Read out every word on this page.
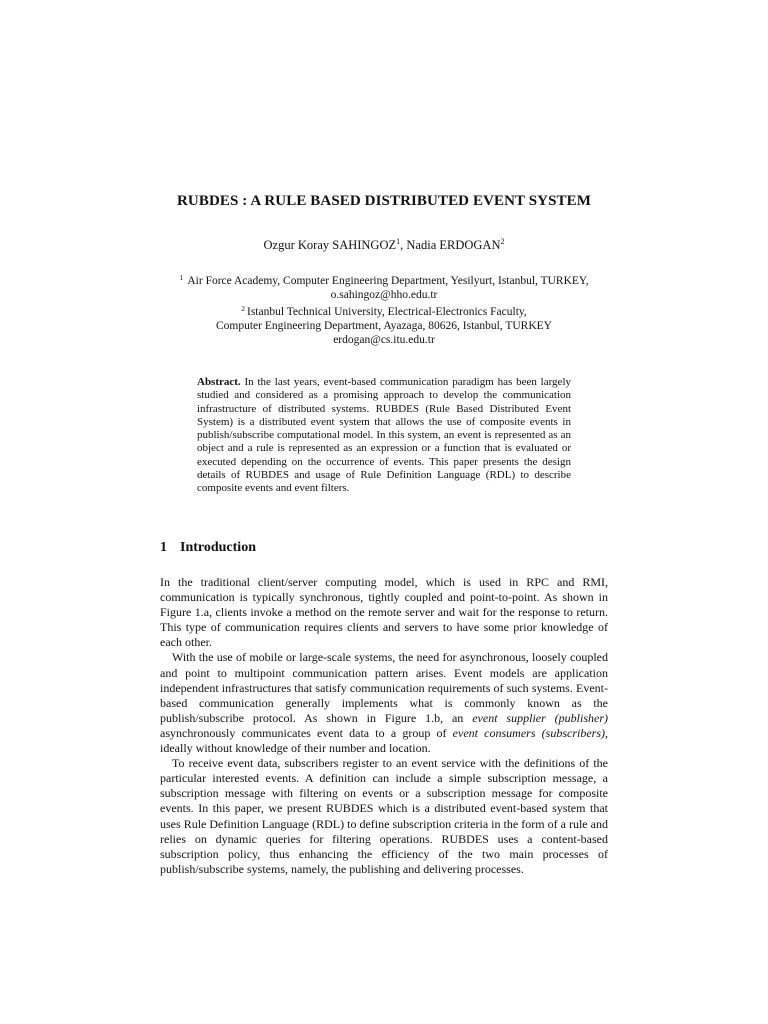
RUBDES : A RULE BASED DISTRIBUTED EVENT SYSTEM
Ozgur Koray SAHINGOZ$^1$, Nadia ERDOGAN$^2$
$^1$ Air Force Academy, Computer Engineering Department, Yesilyurt, Istanbul, TURKEY,
o.sahingoz@hho.edu.tr
$^2$ Istanbul Technical University, Electrical-Electronics Faculty,
Computer Engineering Department, Ayazaga, 80626, Istanbul, TURKEY
erdogan@cs.itu.edu.tr
Abstract. In the last years, event-based communication paradigm has been largely studied and considered as a promising approach to develop the communication infrastructure of distributed systems. RUBDES (Rule Based Distributed Event System) is a distributed event system that allows the use of composite events in publish/subscribe computational model. In this system, an event is represented as an object and a rule is represented as an expression or a function that is evaluated or executed depending on the occurrence of events. This paper presents the design details of RUBDES and usage of Rule Definition Language (RDL) to describe composite events and event filters.
1 Introduction

In the traditional client/server computing model, which is used in RPC and RMI, communication is typically synchronous, tightly coupled and point-to-point. As shown in Figure 1.a, clients invoke a method on the remote server and wait for the response to return. This type of communication requires clients and servers to have some prior knowledge of each other.

With the use of mobile or large-scale systems, the need for asynchronous, loosely coupled and point to multipoint communication pattern arises. Event models are application independent infrastructures that satisfy communication requirements of such systems. Event-based communication generally implements what is commonly known as the publish/subscribe protocol. As shown in Figure 1.b, an event supplier (publisher) asynchronously communicates event data to a group of event consumers (subscribers), ideally without knowledge of their number and location.

To receive event data, subscribers register to an event service with the definitions of the particular interested events. A definition can include a simple subscription message, a subscription message with filtering on events or a subscription message for composite events. In this paper, we present RUBDES which is a distributed event-based system that uses Rule Definition Language (RDL) to define subscription criteria in the form of a rule and relies on dynamic queries for filtering operations. RUBDES uses a content-based subscription policy, thus enhancing the efficiency of the two main processes of publish/subscribe systems, namely, the publishing and delivering processes.
